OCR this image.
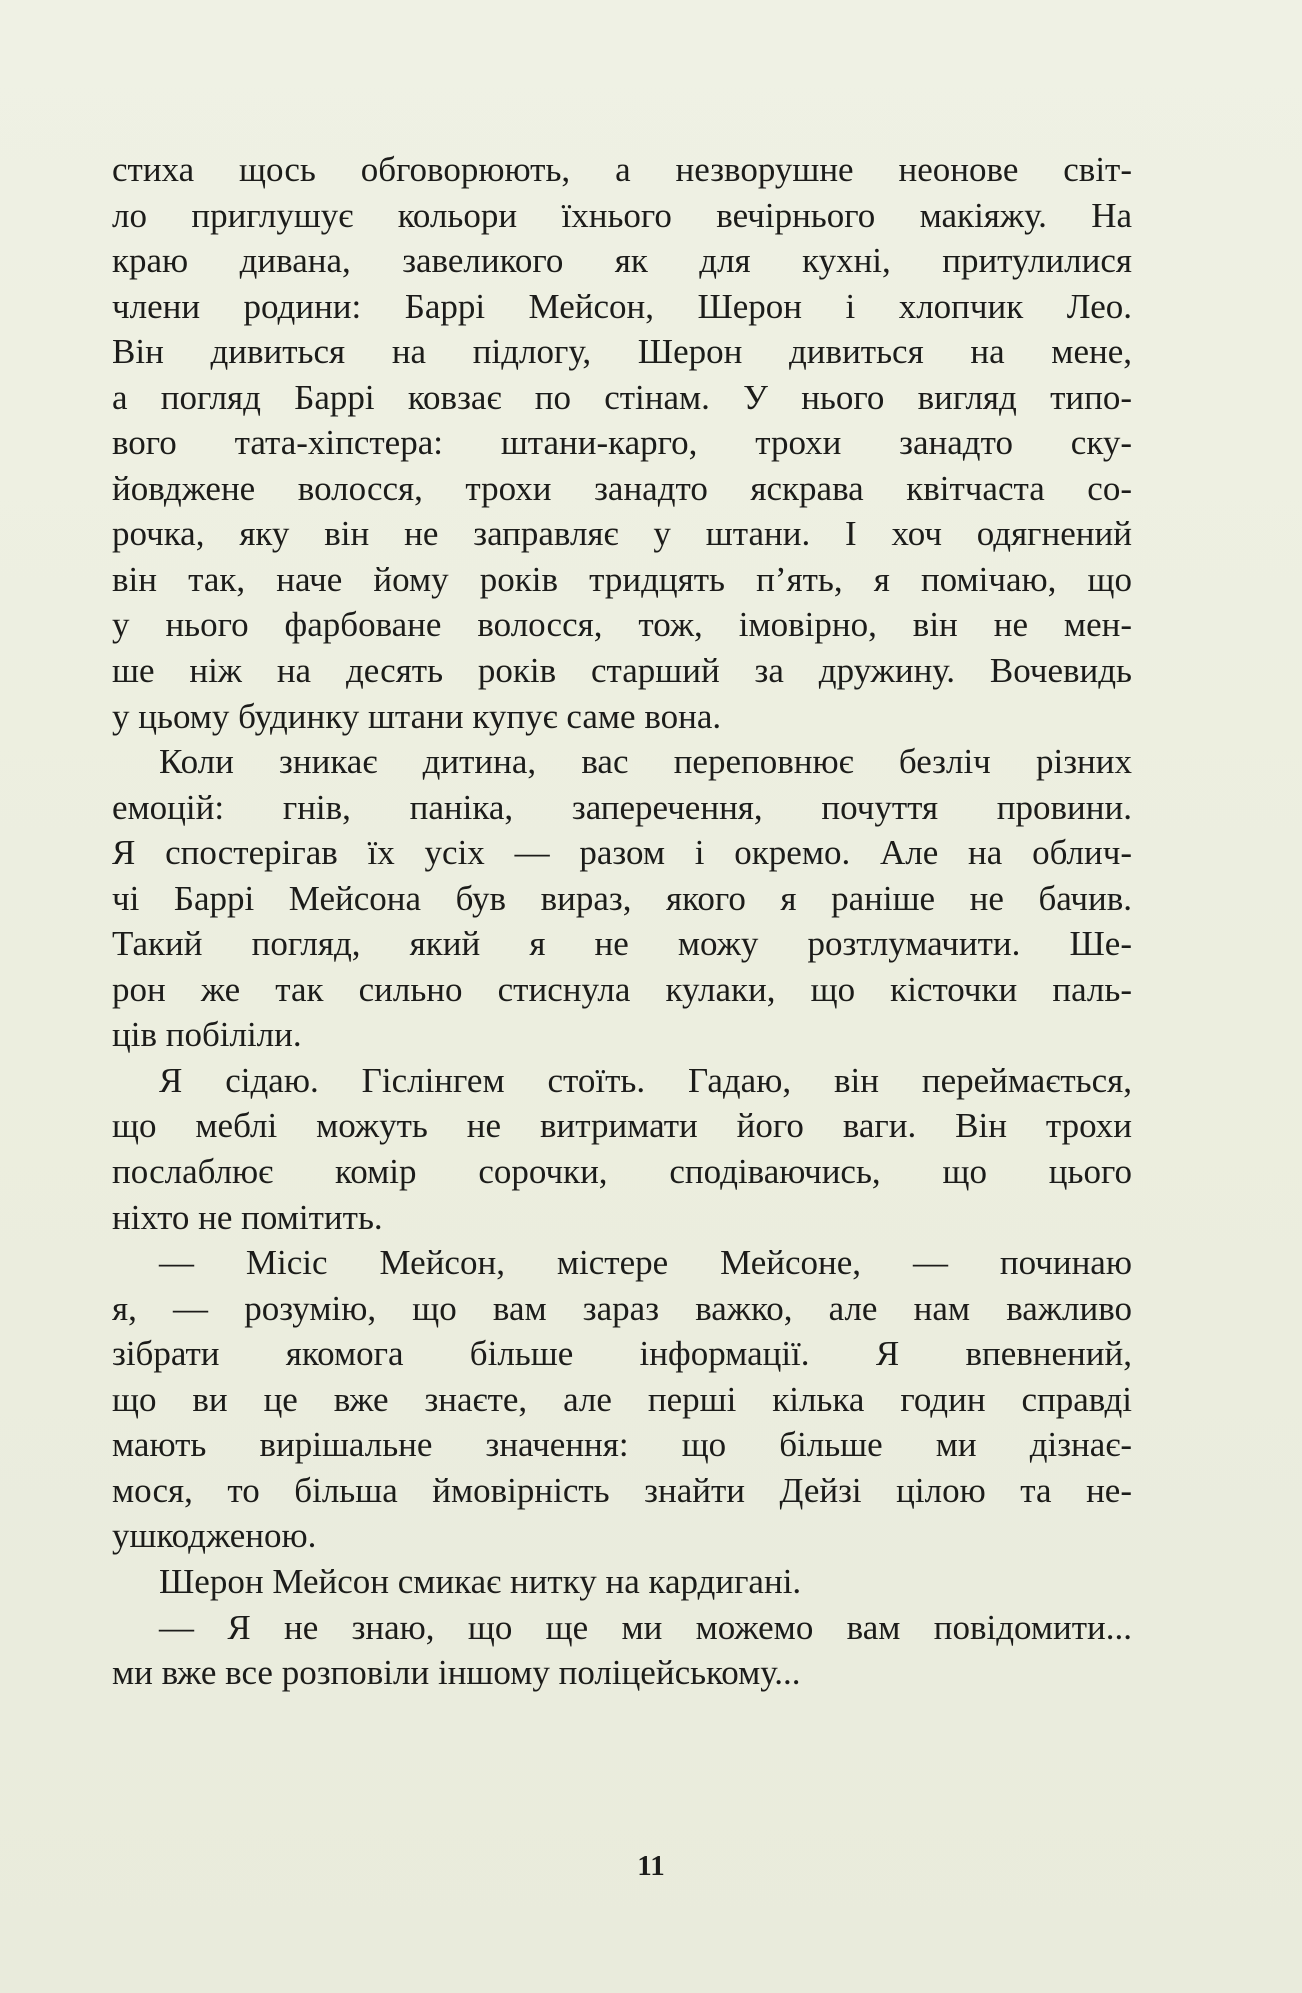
стиха щось обговорюють, а незворушне неонове світ-
ло приглушує кольори їхнього вечірнього макіяжу. На
краю дивана, завеликого як для кухні, притулилися
члени родини: Баррі Мейсон, Шерон і хлопчик Лео.
Він дивиться на підлогу, Шерон дивиться на мене,
а погляд Баррі ковзає по стінам. У нього вигляд типо-
вого тата-хіпстера: штани-карго, трохи занадто ску-
йовджене волосся, трохи занадто яскрава квітчаста со-
рочка, яку він не заправляє у штани. І хоч одягнений
він так, наче йому років тридцять п’ять, я помічаю, що
у нього фарбоване волосся, тож, імовірно, він не мен-
ше ніж на десять років старший за дружину. Вочевидь
у цьому будинку штани купує саме вона.
Коли зникає дитина, вас переповнює безліч різних
емоцій: гнів, паніка, заперечення, почуття провини.
Я спостерігав їх усіх — разом і окремо. Але на облич-
чі Баррі Мейсона був вираз, якого я раніше не бачив.
Такий погляд, який я не можу розтлумачити. Ше-
рон же так сильно стиснула кулаки, що кісточки паль-
ців побіліли.
Я сідаю. Гіслінгем стоїть. Гадаю, він переймається,
що меблі можуть не витримати його ваги. Він трохи
послаблює комір сорочки, сподіваючись, що цього
ніхто не помітить.
— Місіс Мейсон, містере Мейсоне, — починаю
я, — розумію, що вам зараз важко, але нам важливо
зібрати якомога більше інформації. Я впевнений,
що ви це вже знаєте, але перші кілька годин справді
мають вирішальне значення: що більше ми дізнає-
мося, то більша ймовірність знайти Дейзі цілою та не-
ушкодженою.
Шерон Мейсон смикає нитку на кардигані.
— Я не знаю, що ще ми можемо вам повідомити...
ми вже все розповіли іншому поліцейському...
11
